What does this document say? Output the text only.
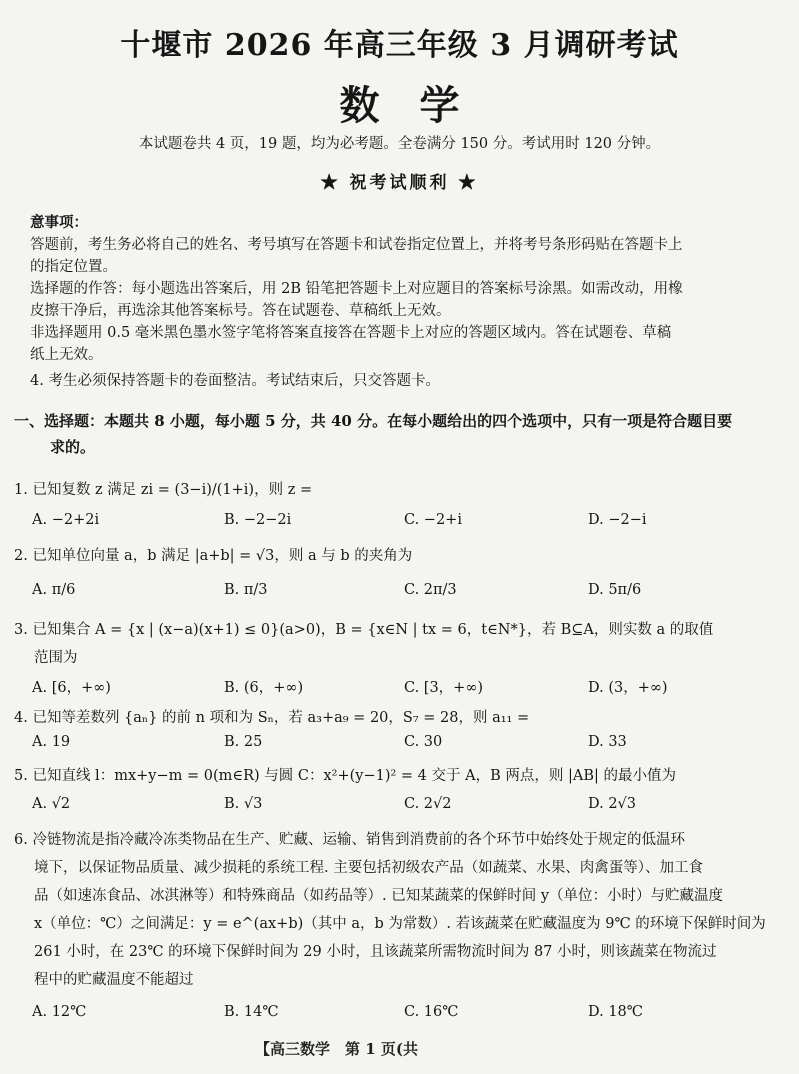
十堰市 2026 年高三年级 3 月调研考试
数学
本试题卷共 4 页，19 题，均为必考题。全卷满分 150 分。考试用时 120 分钟。
★ 祝考试顺利 ★
意事项：
答题前，考生务必将自己的姓名、考号填写在答题卡和试卷指定位置上，并将考号条形码贴在答题卡上
的指定位置。
选择题的作答：每小题选出答案后，用 2B 铅笔把答题卡上对应题目的答案标号涂黑。如需改动，用橡
皮擦干净后，再选涂其他答案标号。答在试题卷、草稿纸上无效。
非选择题用 0.5 毫米黑色墨水签字笔将答案直接答在答题卡上对应的答题区域内。答在试题卷、草稿
纸上无效。
4. 考生必须保持答题卡的卷面整洁。考试结束后，只交答题卡。
一、选择题：本题共 8 小题，每小题 5 分，共 40 分。在每小题给出的四个选项中，只有一项是符合题目要
求的。
1. 已知复数 z 满足 zi = (3−i)/(1+i)，则 z =
A. −2+2i	B. −2−2i	C. −2+i	D. −2−i
2. 已知单位向量 a，b 满足 |a+b| = √3，则 a 与 b 的夹角为
A. π/6	B. π/3	C. 2π/3	D. 5π/6
3. 已知集合 A = {x | (x−a)(x+1) ≤ 0}(a>0)，B = {x∈N | tx = 6，t∈N*}，若 B⊆A，则实数 a 的取值
范围为
A. [6，+∞)	B. (6，+∞)	C. [3，+∞)	D. (3，+∞)
4. 已知等差数列 {aₙ} 的前 n 项和为 Sₙ，若 a₃+a₉ = 20，S₇ = 28，则 a₁₁ =
A. 19	B. 25	C. 30	D. 33
5. 已知直线 l：mx+y−m = 0(m∈R) 与圆 C：x²+(y−1)² = 4 交于 A，B 两点，则 |AB| 的最小值为
A. √2	B. √3	C. 2√2	D. 2√3
6. 冷链物流是指冷藏冷冻类物品在生产、贮藏、运输、销售到消费前的各个环节中始终处于规定的低温环
境下，以保证物品质量、减少损耗的系统工程. 主要包括初级农产品（如蔬菜、水果、肉禽蛋等）、加工食
品（如速冻食品、冰淇淋等）和特殊商品（如药品等）. 已知某蔬菜的保鲜时间 y（单位：小时）与贮藏温度
x（单位：℃）之间满足：y = e^(ax+b)（其中 a，b 为常数）. 若该蔬菜在贮藏温度为 9℃ 的环境下保鲜时间为
261 小时，在 23℃ 的环境下保鲜时间为 29 小时，且该蔬菜所需物流时间为 87 小时，则该蔬菜在物流过
程中的贮藏温度不能超过
A. 12℃	B. 14℃	C. 16℃	D. 18℃
【高三数学　第 1 页(共
